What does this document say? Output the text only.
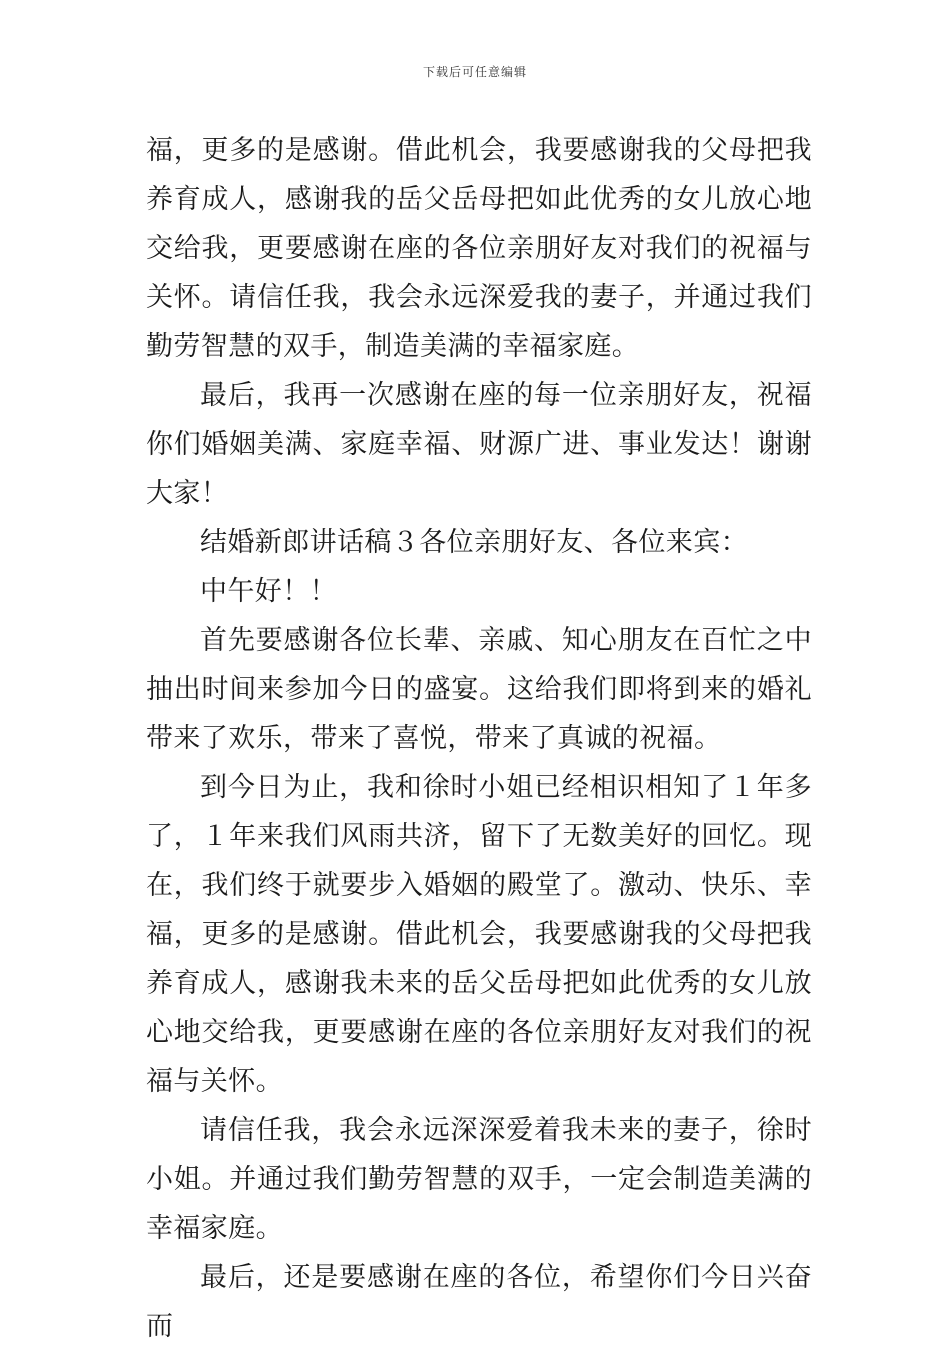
下载后可任意编辑

福，更多的是感谢。借此机会，我要感谢我的父母把我养育成人，感谢我的岳父岳母把如此优秀的女儿放心地交给我，更要感谢在座的各位亲朋好友对我们的祝福与关怀。请信任我，我会永远深爱我的妻子，并通过我们勤劳智慧的双手，制造美满的幸福家庭。

最后，我再一次感谢在座的每一位亲朋好友，祝福你们婚姻美满、家庭幸福、财源广进、事业发达！谢谢大家！

结婚新郎讲话稿３各位亲朋好友、各位来宾：

中午好！！

首先要感谢各位长辈、亲戚、知心朋友在百忙之中抽出时间来参加今日的盛宴。这给我们即将到来的婚礼带来了欢乐，带来了喜悦，带来了真诚的祝福。

到今日为止，我和徐时小姐已经相识相知了１年多了，１年来我们风雨共济，留下了无数美好的回忆。现在，我们终于就要步入婚姻的殿堂了。激动、快乐、幸福，更多的是感谢。借此机会，我要感谢我的父母把我养育成人，感谢我未来的岳父岳母把如此优秀的女儿放心地交给我，更要感谢在座的各位亲朋好友对我们的祝福与关怀。

请信任我，我会永远深深爱着我未来的妻子，徐时小姐。并通过我们勤劳智慧的双手，一定会制造美满的幸福家庭。

最后，还是要感谢在座的各位，希望你们今日兴奋而
